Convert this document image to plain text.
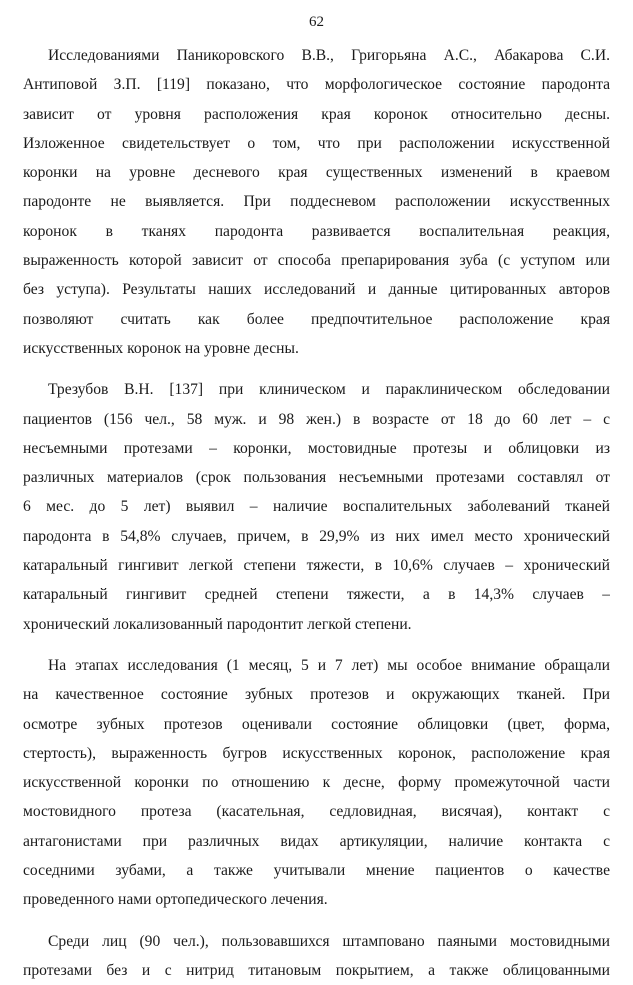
62
Исследованиями Паникоровского В.В., Григорьяна А.С., Абакарова С.И.
Антиповой З.П. [119] показано, что морфологическое состояние пародонта
зависит от уровня расположения края коронок относительно десны.
Изложенное свидетельствует о том, что при расположении искусственной
коронки на уровне десневого края существенных изменений в краевом
пародонте не выявляется. При поддесневом расположении искусственных
коронок в тканях пародонта развивается воспалительная реакция,
выраженность которой зависит от способа препарирования зуба (с уступом или
без уступа). Результаты наших исследований и данные цитированных авторов
позволяют считать как более предпочтительное расположение края
искусственных коронок на уровне десны.
Трезубов В.Н. [137] при клиническом и параклиническом обследовании
пациентов (156 чел., 58 муж. и 98 жен.) в возрасте от 18 до 60 лет – с
несъемными протезами – коронки, мостовидные протезы и облицовки из
различных материалов (срок пользования несъемными протезами составлял от
6 мес. до 5 лет) выявил – наличие воспалительных заболеваний тканей
пародонта в 54,8% случаев, причем, в 29,9% из них имел место хронический
катаральный гингивит легкой степени тяжести, в 10,6% случаев – хронический
катаральный гингивит средней степени тяжести, а в 14,3% случаев –
хронический локализованный пародонтит легкой степени.
На этапах исследования (1 месяц, 5 и 7 лет) мы особое внимание обращали
на качественное состояние зубных протезов и окружающих тканей. При
осмотре зубных протезов оценивали состояние облицовки (цвет, форма,
стертость), выраженность бугров искусственных коронок, расположение края
искусственной коронки по отношению к десне, форму промежуточной части
мостовидного протеза (касательная, седловидная, висячая), контакт с
антагонистами при различных видах артикуляции, наличие контакта с
соседними зубами, а также учитывали мнение пациентов о качестве
проведенного нами ортопедического лечения.
Среди лиц (90 чел.), пользовавшихся штамповано паяными мостовидными
протезами без и с нитрид титановым покрытием, а также облицованными
